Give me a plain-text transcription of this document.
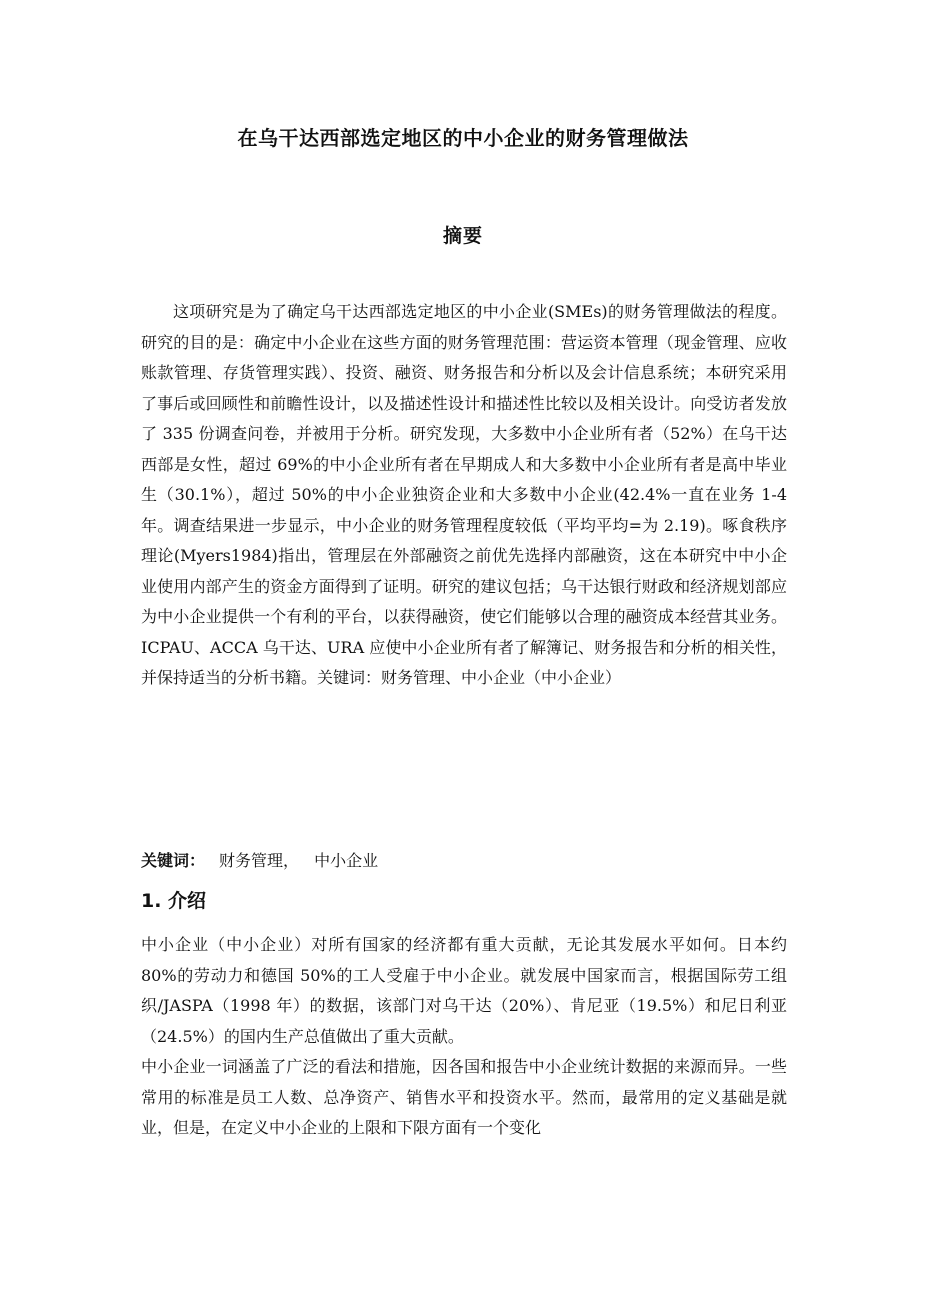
在乌干达西部选定地区的中小企业的财务管理做法
摘要

这项研究是为了确定乌干达西部选定地区的中小企业(SMEs)的财务管理做法的程度。研究的目的是：确定中小企业在这些方面的财务管理范围：营运资本管理（现金管理、应收账款管理、存货管理实践）、投资、融资、财务报告和分析以及会计信息系统；本研究采用了事后或回顾性和前瞻性设计，以及描述性设计和描述性比较以及相关设计。向受访者发放了 335 份调查问卷，并被用于分析。研究发现，大多数中小企业所有者（52%）在乌干达西部是女性，超过 69%的中小企业所有者在早期成人和大多数中小企业所有者是高中毕业生（30.1%），超过 50%的中小企业独资企业和大多数中小企业(42.4%一直在业务 1-4 年。调查结果进一步显示，中小企业的财务管理程度较低（平均平均=为 2.19)。啄食秩序理论(Myers1984)指出，管理层在外部融资之前优先选择内部融资，这在本研究中中小企业使用内部产生的资金方面得到了证明。研究的建议包括；乌干达银行财政和经济规划部应为中小企业提供一个有利的平台，以获得融资，使它们能够以合理的融资成本经营其业务。ICPAU、ACCA 乌干达、URA 应使中小企业所有者了解簿记、财务报告和分析的相关性，并保持适当的分析书籍。关键词：财务管理、中小企业（中小企业）

关键词： 财务管理， 中小企业
1. 介绍

中小企业（中小企业）对所有国家的经济都有重大贡献，无论其发展水平如何。日本约 80%的劳动力和德国 50%的工人受雇于中小企业。就发展中国家而言，根据国际劳工组织/JASPA（1998 年）的数据，该部门对乌干达（20%）、肯尼亚（19.5%）和尼日利亚（24.5%）的国内生产总值做出了重大贡献。

中小企业一词涵盖了广泛的看法和措施，因各国和报告中小企业统计数据的来源而异。一些常用的标准是员工人数、总净资产、销售水平和投资水平。然而，最常用的定义基础是就业，但是，在定义中小企业的上限和下限方面有一个变化
